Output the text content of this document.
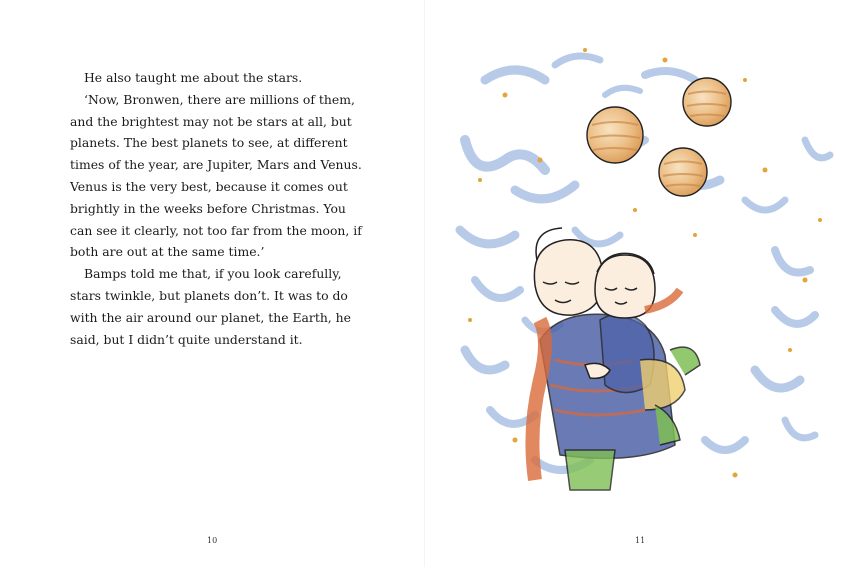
He also taught me about the stars.

‘Now, Bronwen, there are millions of them, and the brightest may not be stars at all, but planets. The best planets to see, at different times of the year, are Jupiter, Mars and Venus. Venus is the very best, because it comes out brightly in the weeks before Christmas. You can see it clearly, not too far from the moon, if both are out at the same time.’

Bamps told me that, if you look carefully, stars twinkle, but planets don’t. It was to do with the air around our planet, the Earth, he said, but I didn’t quite understand it.

10	11
